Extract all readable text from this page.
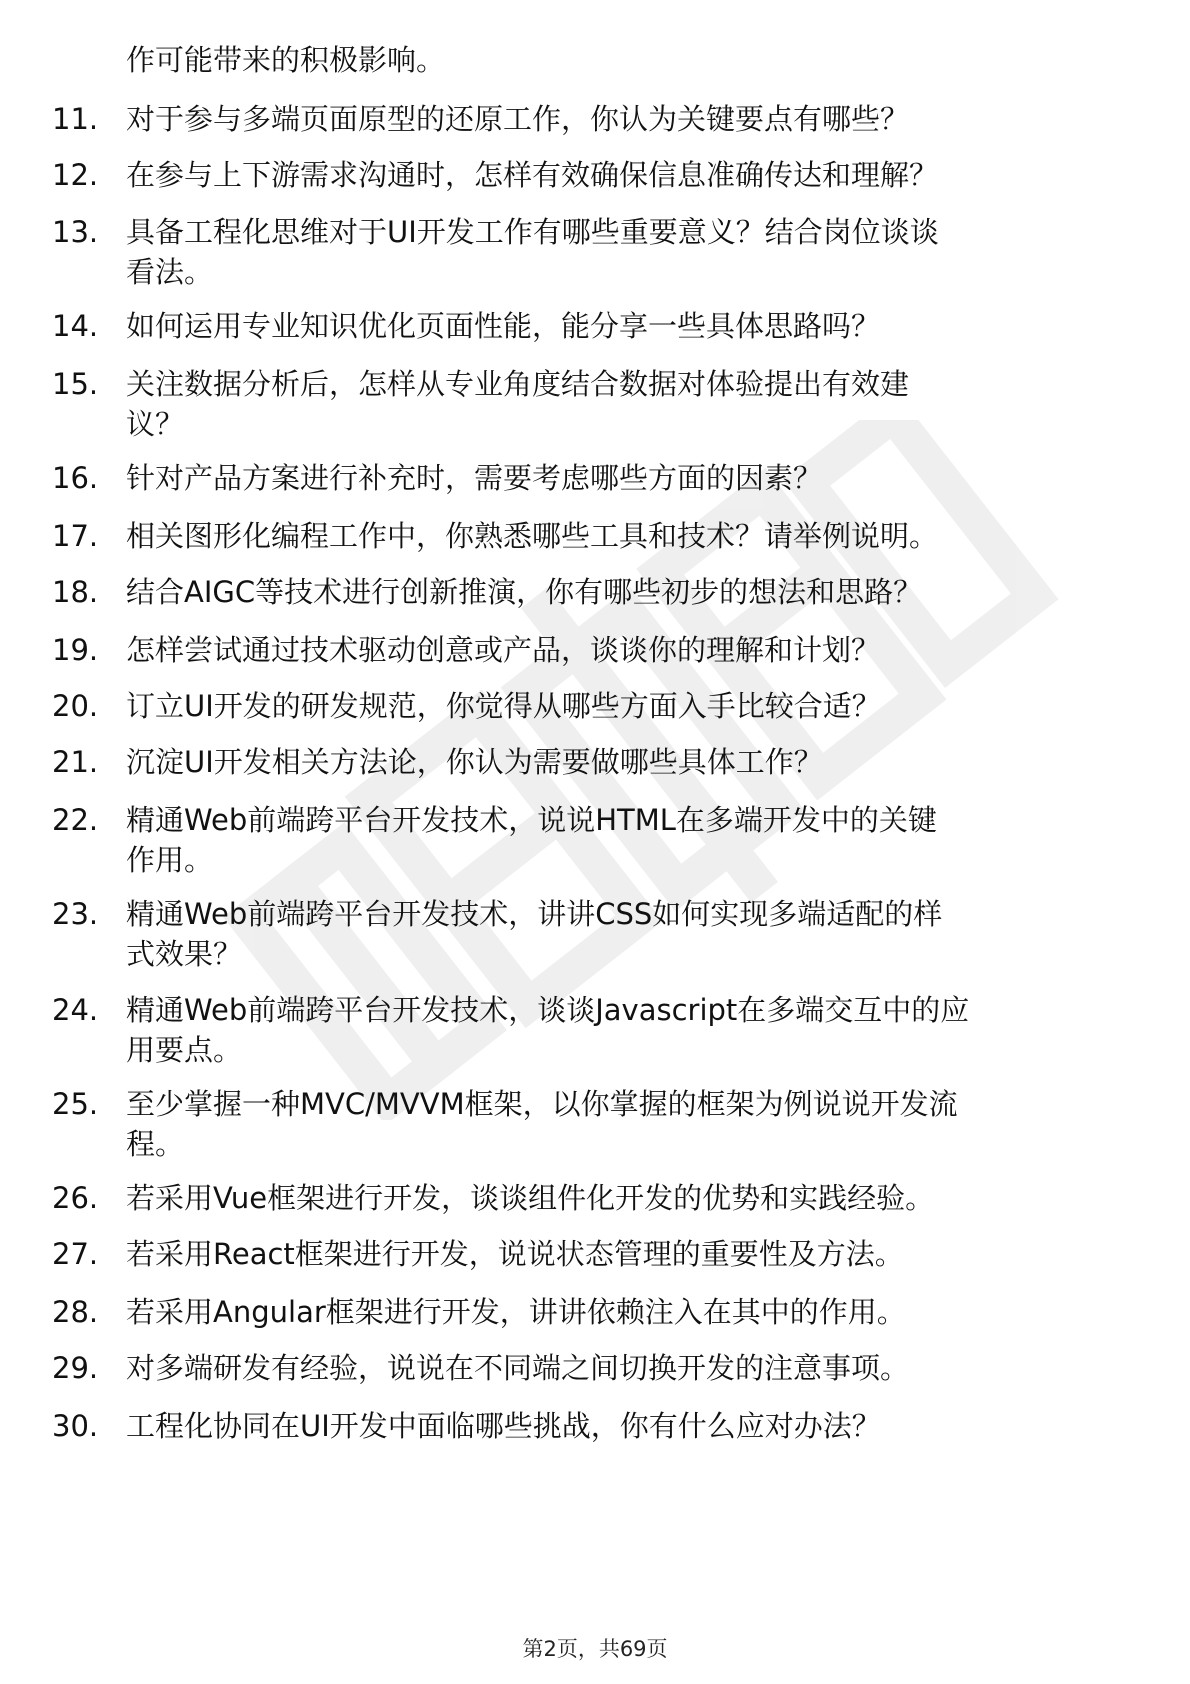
作可能带来的积极影响。
11. 对于参与多端页面原型的还原工作，你认为关键要点有哪些？
12. 在参与上下游需求沟通时，怎样有效确保信息准确传达和理解？
13. 具备工程化思维对于UI开发工作有哪些重要意义？结合岗位谈谈
看法。
14. 如何运用专业知识优化页面性能，能分享一些具体思路吗？
15. 关注数据分析后，怎样从专业角度结合数据对体验提出有效建
议？
16. 针对产品方案进行补充时，需要考虑哪些方面的因素？
17. 相关图形化编程工作中，你熟悉哪些工具和技术？请举例说明。
18. 结合AIGC等技术进行创新推演，你有哪些初步的想法和思路？
19. 怎样尝试通过技术驱动创意或产品，谈谈你的理解和计划？
20. 订立UI开发的研发规范，你觉得从哪些方面入手比较合适？
21. 沉淀UI开发相关方法论，你认为需要做哪些具体工作？
22. 精通Web前端跨平台开发技术，说说HTML在多端开发中的关键
作用。
23. 精通Web前端跨平台开发技术，讲讲CSS如何实现多端适配的样
式效果？
24. 精通Web前端跨平台开发技术，谈谈Javascript在多端交互中的应
用要点。
25. 至少掌握一种MVC/MVVM框架，以你掌握的框架为例说说开发流
程。
26. 若采用Vue框架进行开发，谈谈组件化开发的优势和实践经验。
27. 若采用React框架进行开发，说说状态管理的重要性及方法。
28. 若采用Angular框架进行开发，讲讲依赖注入在其中的作用。
29. 对多端研发有经验，说说在不同端之间切换开发的注意事项。
30. 工程化协同在UI开发中面临哪些挑战，你有什么应对办法？
第2页，共69页
